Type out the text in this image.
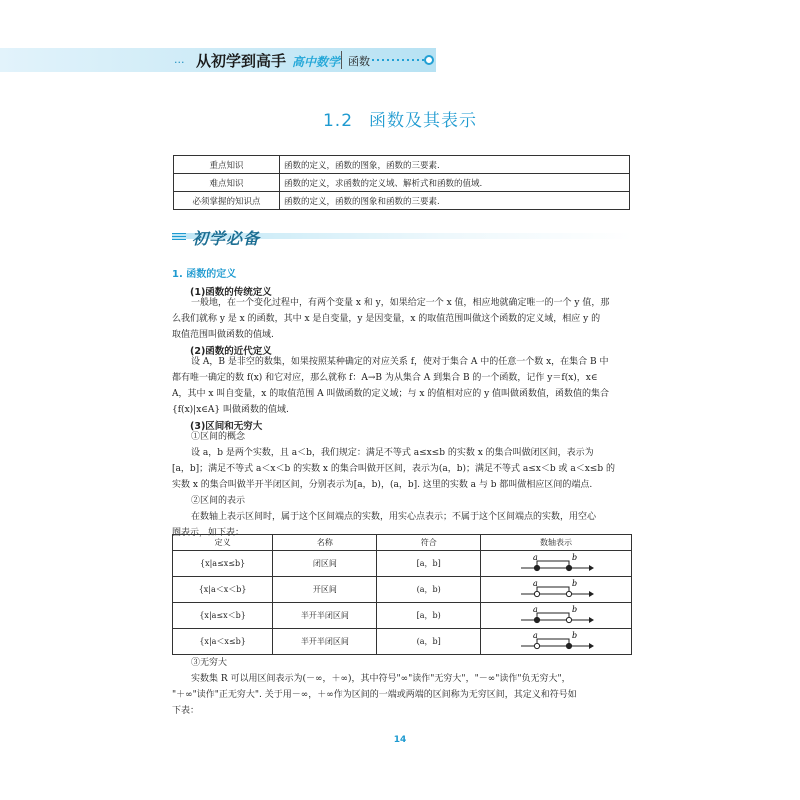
··· 从初学到高手 高中数学 函数
1.2 函数及其表示
重点知识	函数的定义，函数的图象，函数的三要素.
难点知识	函数的定义，求函数的定义域、解析式和函数的值域.
必须掌握的知识点	函数的定义，函数的图象和函数的三要素.
初学必备
1. 函数的定义
(1)函数的传统定义
一般地，在一个变化过程中，有两个变量 x 和 y，如果给定一个 x 值，相应地就确定唯一的一个 y 值，那
么我们就称 y 是 x 的函数，其中 x 是自变量，y 是因变量，x 的取值范围叫做这个函数的定义域，相应 y 的
取值范围叫做函数的值域.
(2)函数的近代定义
设 A，B 是非空的数集，如果按照某种确定的对应关系 f，使对于集合 A 中的任意一个数 x，在集合 B 中
都有唯一确定的数 f(x) 和它对应，那么就称 f：A→B 为从集合 A 到集合 B 的一个函数，记作 y＝f(x)，x∈
A，其中 x 叫自变量，x 的取值范围 A 叫做函数的定义域；与 x 的值相对应的 y 值叫做函数值，函数值的集合
{f(x)|x∈A} 叫做函数的值域.
(3)区间和无穷大
①区间的概念
设 a，b 是两个实数，且 a＜b，我们规定：满足不等式 a≤x≤b 的实数 x 的集合叫做闭区间，表示为
[a，b]；满足不等式 a＜x＜b 的实数 x 的集合叫做开区间，表示为(a，b)；满足不等式 a≤x＜b 或 a＜x≤b 的
实数 x 的集合叫做半开半闭区间，分别表示为[a，b)，(a，b]. 这里的实数 a 与 b 都叫做相应区间的端点.
②区间的表示
在数轴上表示区间时，属于这个区间端点的实数，用实心点表示；不属于这个区间端点的实数，用空心
圈表示，如下表：
定义	名称	符合	数轴表示
{x|a≤x≤b}	闭区间	[a，b]	a b

{x|a＜x＜b}	开区间	(a，b)	a b

{x|a≤x＜b}	半开半闭区间	[a，b)	a b

{x|a＜x≤b}	半开半闭区间	(a，b]	a b
③无穷大
实数集 R 可以用区间表示为(－∞，＋∞)，其中符号"∞"读作"无穷大"，"－∞"读作"负无穷大"，
"＋∞"读作"正无穷大". 关于用－∞，＋∞作为区间的一端或两端的区间称为无穷区间，其定义和符号如
下表：
14
